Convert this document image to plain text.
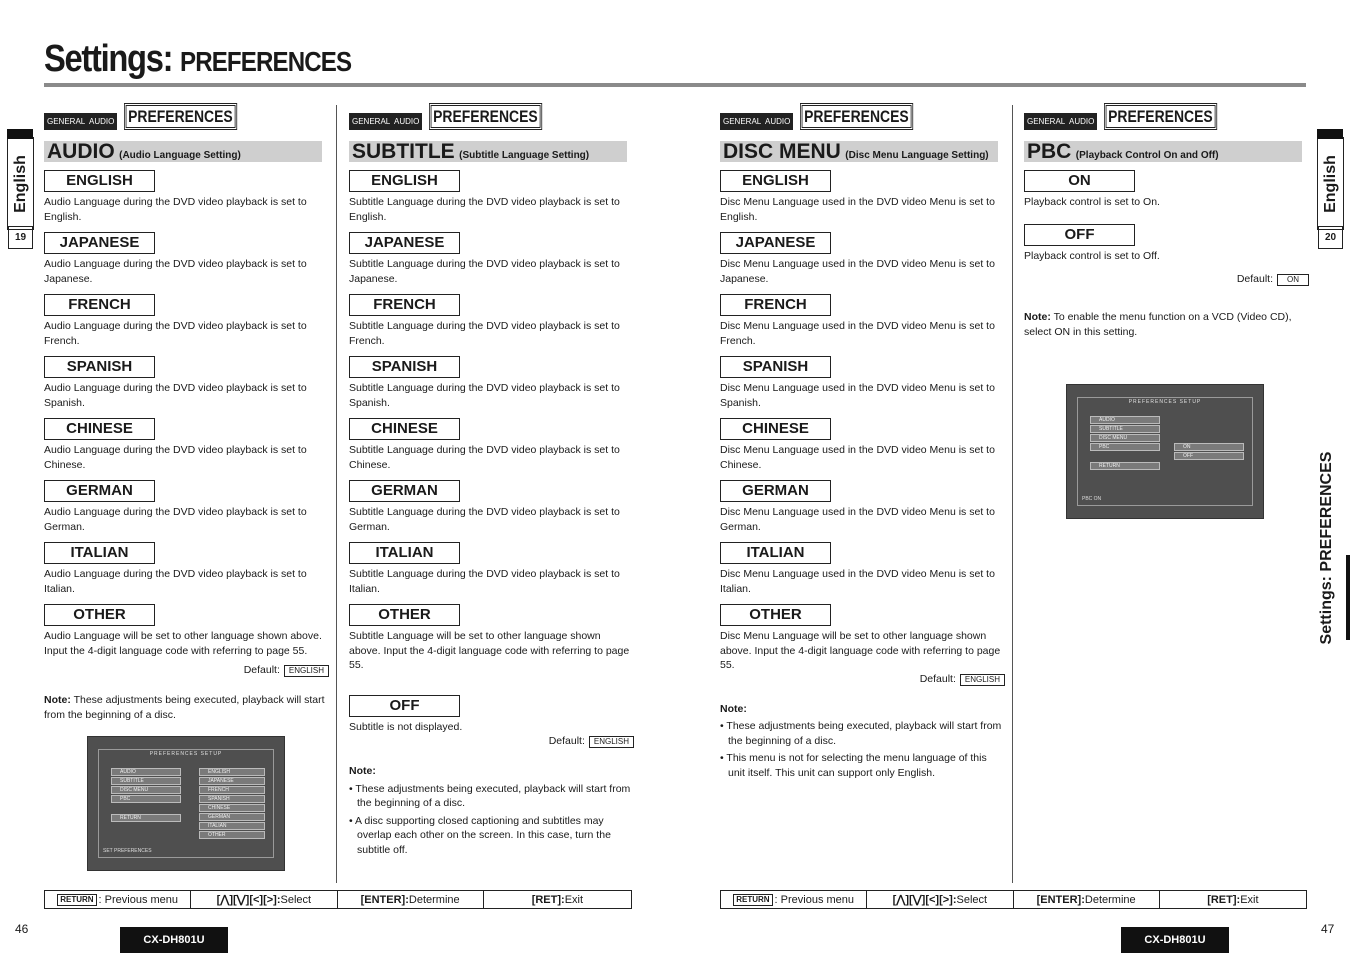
Settings: PREFERENCES
English
19
English
20
Settings: PREFERENCES
GENERAL AUDIO PREFERENCES
AUDIO (Audio Language Setting)
ENGLISH
Audio Language during the DVD video playback is set to English.
JAPANESE
Audio Language during the DVD video playback is set to Japanese.
FRENCH
Audio Language during the DVD video playback is set to French.
SPANISH
Audio Language during the DVD video playback is set to Spanish.
CHINESE
Audio Language during the DVD video playback is set to Chinese.
GERMAN
Audio Language during the DVD video playback is set to German.
ITALIAN
Audio Language during the DVD video playback is set to Italian.
OTHER
Audio Language will be set to other language shown above. Input the 4-digit language code with referring to page 55.
Default: ENGLISH
Note: These adjustments being executed, playback will start from the beginning of a disc.
PREFERENCES SETUP
AUDIO
SUBTITLE
DISC MENU
PBC
RETURN
ENGLISH
JAPANESE
FRENCH
SPANISH
CHINESE
GERMAN
ITALIAN
OTHER
SET PREFERENCES
GENERAL AUDIO PREFERENCES
SUBTITLE (Subtitle Language Setting)
ENGLISH
Subtitle Language during the DVD video playback is set to English.
JAPANESE
Subtitle Language during the DVD video playback is set to Japanese.
FRENCH
Subtitle Language during the DVD video playback is set to French.
SPANISH
Subtitle Language during the DVD video playback is set to Spanish.
CHINESE
Subtitle Language during the DVD video playback is set to Chinese.
GERMAN
Subtitle Language during the DVD video playback is set to German.
ITALIAN
Subtitle Language during the DVD video playback is set to Italian.
OTHER
Subtitle Language will be set to other language shown above. Input the 4-digit language code with referring to page 55.
OFF
Subtitle is not displayed.
Default: ENGLISH
Note:
• These adjustments being executed, playback will start from the beginning of a disc.
• A disc supporting closed captioning and subtitles may overlap each other on the screen. In this case, turn the subtitle off.
GENERAL AUDIO PREFERENCES
DISC MENU (Disc Menu Language Setting)
ENGLISH
Disc Menu Language used in the DVD video Menu is set to English.
JAPANESE
Disc Menu Language used in the DVD video Menu is set to Japanese.
FRENCH
Disc Menu Language used in the DVD video Menu is set to French.
SPANISH
Disc Menu Language used in the DVD video Menu is set to Spanish.
CHINESE
Disc Menu Language used in the DVD video Menu is set to Chinese.
GERMAN
Disc Menu Language used in the DVD video Menu is set to German.
ITALIAN
Disc Menu Language used in the DVD video Menu is set to Italian.
OTHER
Disc Menu Language will be set to other language shown above. Input the 4-digit language code with referring to page 55.
Default: ENGLISH
Note:
• These adjustments being executed, playback will start from the beginning of a disc.
• This menu is not for selecting the menu language of this unit itself. This unit can support only English.
GENERAL AUDIO PREFERENCES
PBC (Playback Control On and Off)
ON
Playback control is set to On.
OFF
Playback control is set to Off.
Default: ON
Note: To enable the menu function on a VCD (Video CD), select ON in this setting.
PREFERENCES SETUP
AUDIO
SUBTITLE
DISC MENU
PBC
RETURN
ON
OFF
PBC ON
RETURN : Previous menu	[⋀][⋁][<][>]: Select	[ENTER]: Determine	[RET]: Exit	RETURN : Previous menu	[⋀][⋁][<][>]: Select	[ENTER]: Determine	[RET]: Exit
46	47
CX-DH801U	CX-DH801U
